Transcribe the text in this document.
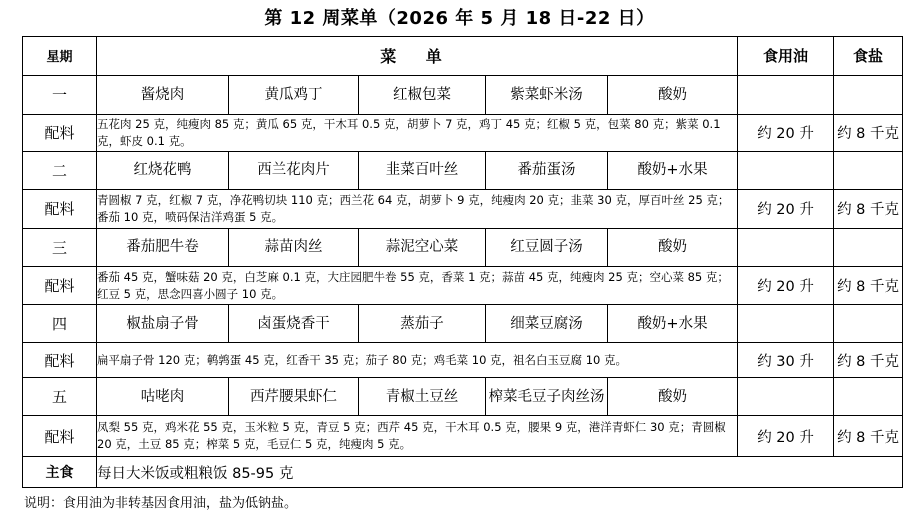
第 12 周菜单（2026 年 5 月 18 日-22 日）
星期	菜 单					食用油	食盐
一	酱烧肉	黄瓜鸡丁	红椒包菜	紫菜虾米汤	酸奶		
配料	五花肉 25 克，纯瘦肉 85 克；黄瓜 65 克，干木耳 0.5 克，胡萝卜 7 克，鸡丁 45 克；红椒 5 克，包菜 80 克；紫菜 0.1 克，虾皮 0.1 克。					约 20 升	约 8 千克
二	红烧花鸭	西兰花肉片	韭菜百叶丝	番茄蛋汤	酸奶+水果		
配料	青圆椒 7 克，红椒 7 克，净花鸭切块 110 克；西兰花 64 克，胡萝卜 9 克，纯瘦肉 20 克；韭菜 30 克，厚百叶丝 25 克；番茄 10 克，喷码保洁洋鸡蛋 5 克。					约 20 升	约 8 千克
三	番茄肥牛卷	蒜苗肉丝	蒜泥空心菜	红豆圆子汤	酸奶		
配料	番茄 45 克，蟹味菇 20 克，白芝麻 0.1 克，大庄园肥牛卷 55 克，香菜 1 克；蒜苗 45 克，纯瘦肉 25 克；空心菜 85 克；红豆 5 克，思念四喜小圆子 10 克。					约 20 升	约 8 千克
四	椒盐扇子骨	卤蛋烧香干	蒸茄子	细菜豆腐汤	酸奶+水果		
配料	扁平扇子骨 120 克；鹌鹑蛋 45 克，红香干 35 克；茄子 80 克；鸡毛菜 10 克，祖名白玉豆腐 10 克。					约 30 升	约 8 千克
五	咕咾肉	西芹腰果虾仁	青椒土豆丝	榨菜毛豆子肉丝汤	酸奶		
配料	凤梨 55 克，鸡米花 55 克，玉米粒 5 克，青豆 5 克；西芹 45 克，干木耳 0.5 克，腰果 9 克，港洋青虾仁 30 克；青圆椒 20 克，土豆 85 克；榨菜 5 克，毛豆仁 5 克，纯瘦肉 5 克。					约 20 升	约 8 千克
主食	每日大米饭或粗粮饭 85-95 克						
说明：食用油为非转基因食用油，盐为低钠盐。
